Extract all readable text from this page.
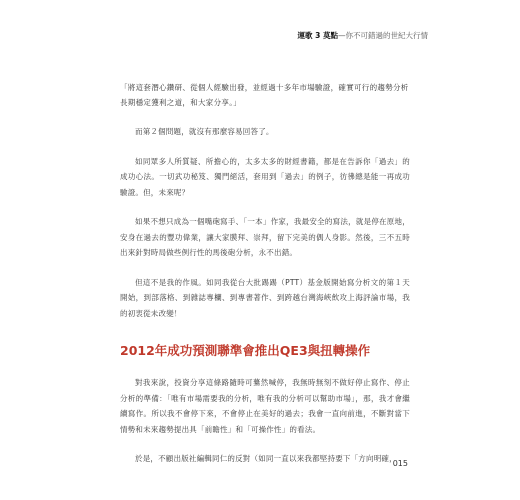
運歌 3 莫點—你不可錯過的世紀大行情

「將這套潛心鑽研、從個人經驗出發，並經過十多年市場驗證，確實可行的趨勢分析長期穩定獲利之道，和大家分享。」

而第２個問題，就沒有那麼容易回答了。

如同眾多人所質疑、所擔心的，太多太多的財經書籍，都是在告訴你「過去」的成功心法。一切武功秘笈、獨門絕活，套用到「過去」的例子，彷彿總是能一再成功驗證。但，未來呢？

如果不想只成為一個嘴砲寫手、「一本」作家，我最安全的寫法，就是停在原地，安身在過去的豐功偉業，讓大家膜拜、崇拜，留下完美的偶人身影。然後，三不五時出來針對時局做些例行性的馬後砲分析，永不出錯。

但這不是我的作風。如同我從台大批踢踢（PTT）基金版開始寫分析文的第１天開始，到部落格、到雜誌專欄、到專書著作、到跨越台灣海峽飲攻上海評論市場，我的初衷從未改變！

2012年成功預測聯準會推出QE3與扭轉操作

對我來說，投資分享這條路隨時可驀然喊停，我無時無刻不做好停止寫作、停止分析的準備：「唯有市場需要我的分析，唯有我的分析可以幫助市場」，那，我才會繼續寫作。所以我不會停下來，不會停止在美好的過去；我會一直向前進，不斷對當下情勢和未來趨勢提出具「前瞻性」和「可操作性」的看法。

於是，不顧出版社編輯同仁的反對（如同一直以來我都堅持要下「方向明確，

015
